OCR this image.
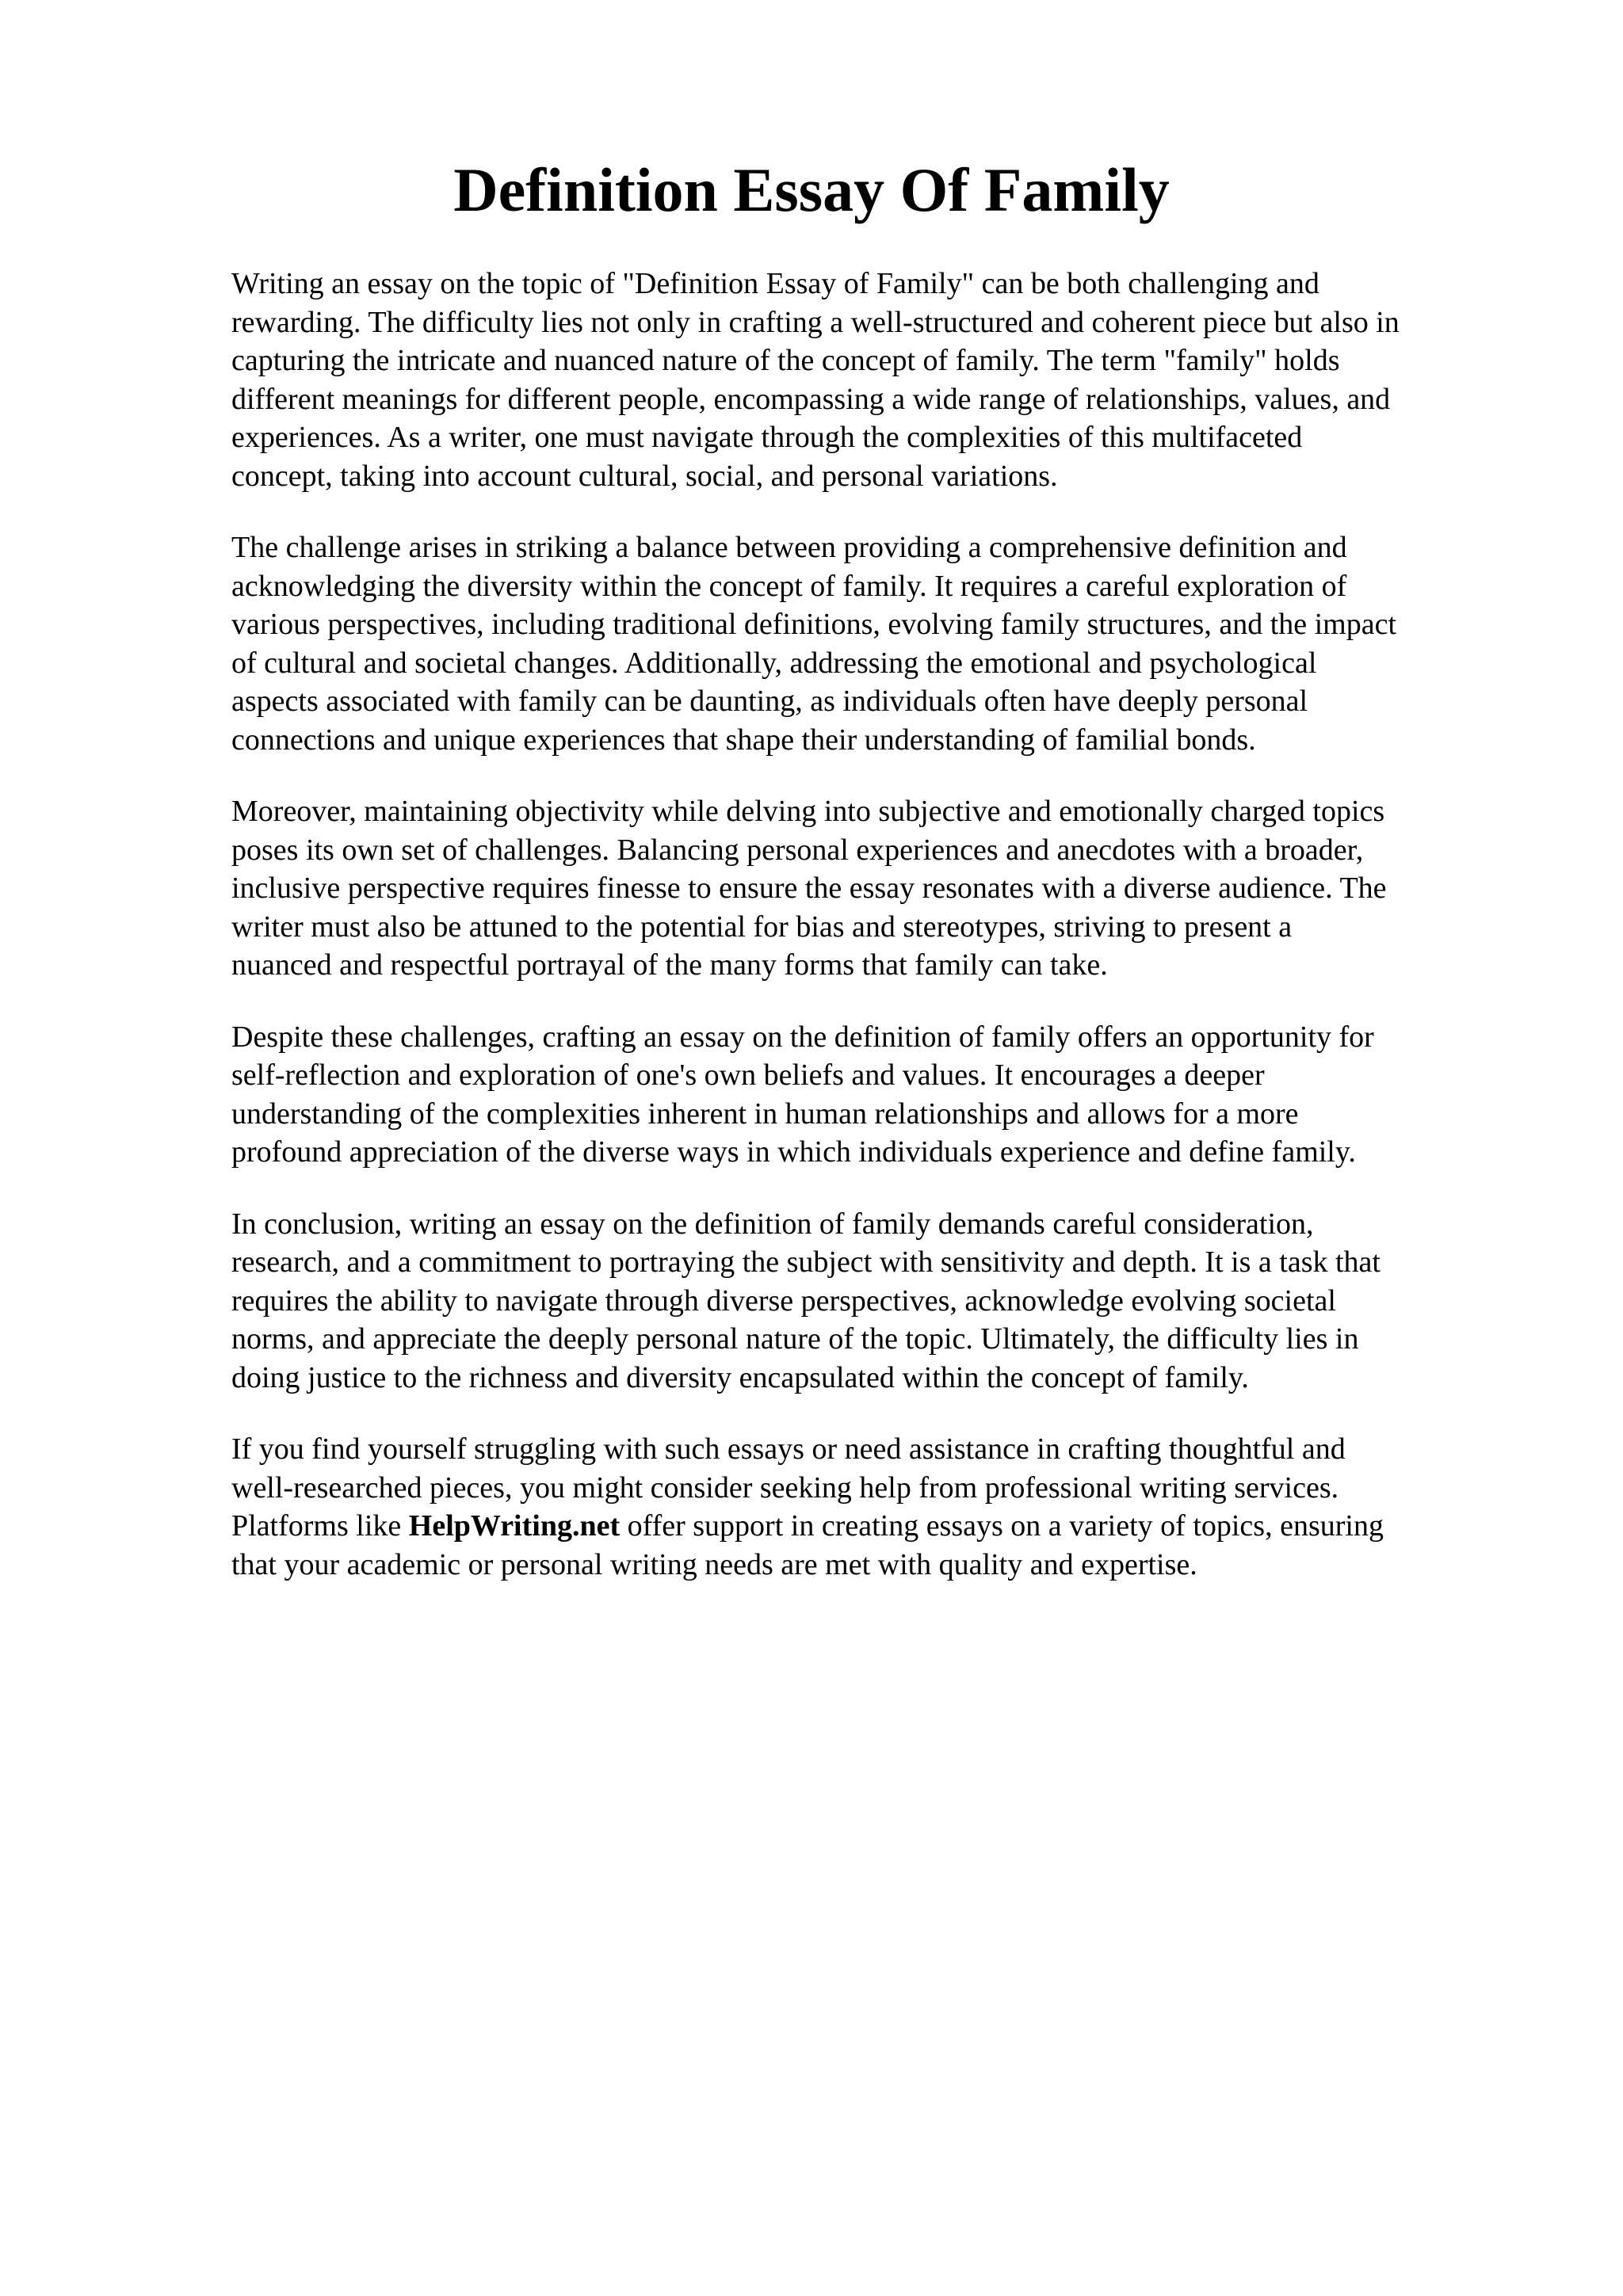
Definition Essay Of Family

Writing an essay on the topic of "Definition Essay of Family" can be both challenging and
rewarding. The difficulty lies not only in crafting a well-structured and coherent piece but also in
capturing the intricate and nuanced nature of the concept of family. The term "family" holds
different meanings for different people, encompassing a wide range of relationships, values, and
experiences. As a writer, one must navigate through the complexities of this multifaceted
concept, taking into account cultural, social, and personal variations.

The challenge arises in striking a balance between providing a comprehensive definition and
acknowledging the diversity within the concept of family. It requires a careful exploration of
various perspectives, including traditional definitions, evolving family structures, and the impact
of cultural and societal changes. Additionally, addressing the emotional and psychological
aspects associated with family can be daunting, as individuals often have deeply personal
connections and unique experiences that shape their understanding of familial bonds.

Moreover, maintaining objectivity while delving into subjective and emotionally charged topics
poses its own set of challenges. Balancing personal experiences and anecdotes with a broader,
inclusive perspective requires finesse to ensure the essay resonates with a diverse audience. The
writer must also be attuned to the potential for bias and stereotypes, striving to present a
nuanced and respectful portrayal of the many forms that family can take.

Despite these challenges, crafting an essay on the definition of family offers an opportunity for
self-reflection and exploration of one's own beliefs and values. It encourages a deeper
understanding of the complexities inherent in human relationships and allows for a more
profound appreciation of the diverse ways in which individuals experience and define family.

In conclusion, writing an essay on the definition of family demands careful consideration,
research, and a commitment to portraying the subject with sensitivity and depth. It is a task that
requires the ability to navigate through diverse perspectives, acknowledge evolving societal
norms, and appreciate the deeply personal nature of the topic. Ultimately, the difficulty lies in
doing justice to the richness and diversity encapsulated within the concept of family.

If you find yourself struggling with such essays or need assistance in crafting thoughtful and
well-researched pieces, you might consider seeking help from professional writing services.
Platforms like HelpWriting.net offer support in creating essays on a variety of topics, ensuring
that your academic or personal writing needs are met with quality and expertise.
